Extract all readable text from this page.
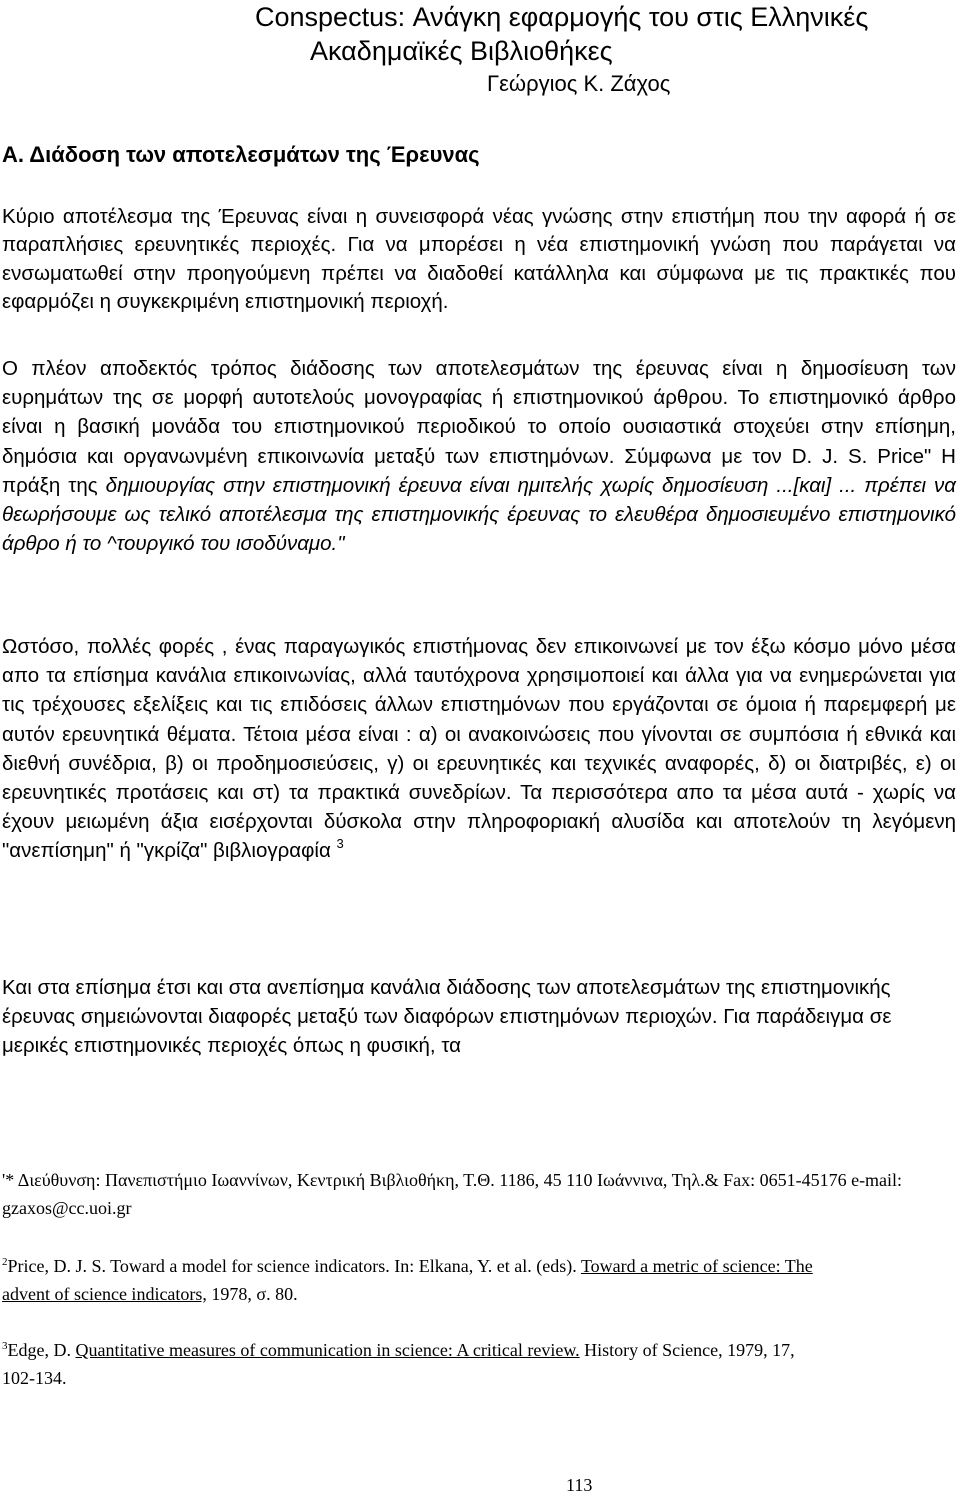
Conspectus: Ανάγκη εφαρμογής του στις Ελληνικές
Ακαδημαϊκές Βιβλιοθήκες
Γεώργιος Κ. Ζάχος
Α. Διάδοση των αποτελεσμάτων της Έρευνας

Κύριο αποτέλεσμα της Έρευνας είναι η συνεισφορά νέας γνώσης στην επιστήμη που την αφορά ή σε παραπλήσιες ερευνητικές περιοχές. Για να μπορέσει η νέα επιστημονική γνώση που παράγεται να ενσωματωθεί στην προηγούμενη πρέπει να διαδοθεί κατάλληλα και σύμφωνα με τις πρακτικές που εφαρμόζει η συγκεκριμένη επιστημονική περιοχή.

Ο πλέον αποδεκτός τρόπος διάδοσης των αποτελεσμάτων της έρευνας είναι η δημοσίευση των ευρημάτων της σε μορφή αυτοτελούς μονογραφίας ή επιστημονικού άρθρου. Το επιστημονικό άρθρο είναι η βασική μονάδα του επιστημονικού περιοδικού το οποίο ουσιαστικά στοχεύει στην επίσημη, δημόσια και οργανωνμένη επικοινωνία μεταξύ των επιστημόνων. Σύμφωνα με τον D. J. S. Price" Η πράξη της δημιουργίας στην επιστημονική έρευνα είναι ημιτελής χωρίς δημοσίευση ...[και] ... πρέπει να θεωρήσουμε ως τελικό αποτέλεσμα της επιστημονικής έρευνας το ελευθέρα δημοσιευμένο επιστημονικό άρθρο ή το ^τουργικό του ισοδύναμο."

Ωστόσο, πολλές φορές , ένας παραγωγικός επιστήμονας δεν επικοινωνεί με τον έξω κόσμο μόνο μέσα απο τα επίσημα κανάλια επικοινωνίας, αλλά ταυτόχρονα χρησιμοποιεί και άλλα για να ενημερώνεται για τις τρέχουσες εξελίξεις και τις επιδόσεις άλλων επιστημόνων που εργάζονται σε όμοια ή παρεμφερή με αυτόν ερευνητικά θέματα. Τέτοια μέσα είναι : α) οι ανακοινώσεις που γίνονται σε συμπόσια ή εθνικά και διεθνή συνέδρια, β) οι προδημοσιεύσεις, γ) οι ερευνητικές και τεχνικές αναφορές, δ) οι διατριβές, ε) οι ερευνητικές προτάσεις και στ) τα πρακτικά συνεδρίων. Τα περισσότερα απο τα μέσα αυτά - χωρίς να έχουν μειωμένη άξια εισέρχονται δύσκολα στην πληροφοριακή αλυσίδα και αποτελούν τη λεγόμενη "ανεπίσημη" ή "γκρίζα" βιβλιογραφία $^3$

Και στα επίσημα έτσι και στα ανεπίσημα κανάλια διάδοσης των αποτελεσμάτων της επιστημονικής έρευνας σημειώνονται διαφορές μεταξύ των διαφόρων επιστημόνων περιοχών. Για παράδειγμα σε μερικές επιστημονικές περιοχές όπως η φυσική, τα

'* Διεύθυνση: Πανεπιστήμιο Ιωαννίνων, Κεντρική Βιβλιοθήκη, Τ.Θ. 1186, 45 110 Ιωάννινα, Τηλ.& Fax: 0651-45176 e-mail: gzaxos@cc.uoi.gr

$^2$Price, D. J. S. Toward a model for science indicators. In: Elkana, Y. et al. (eds). Toward a metric of science: The advent of science indicators, 1978, σ. 80.

$^3$Edge, D. Quantitative measures of communication in science: A critical review. History of Science, 1979, 17, 102-134.

113
